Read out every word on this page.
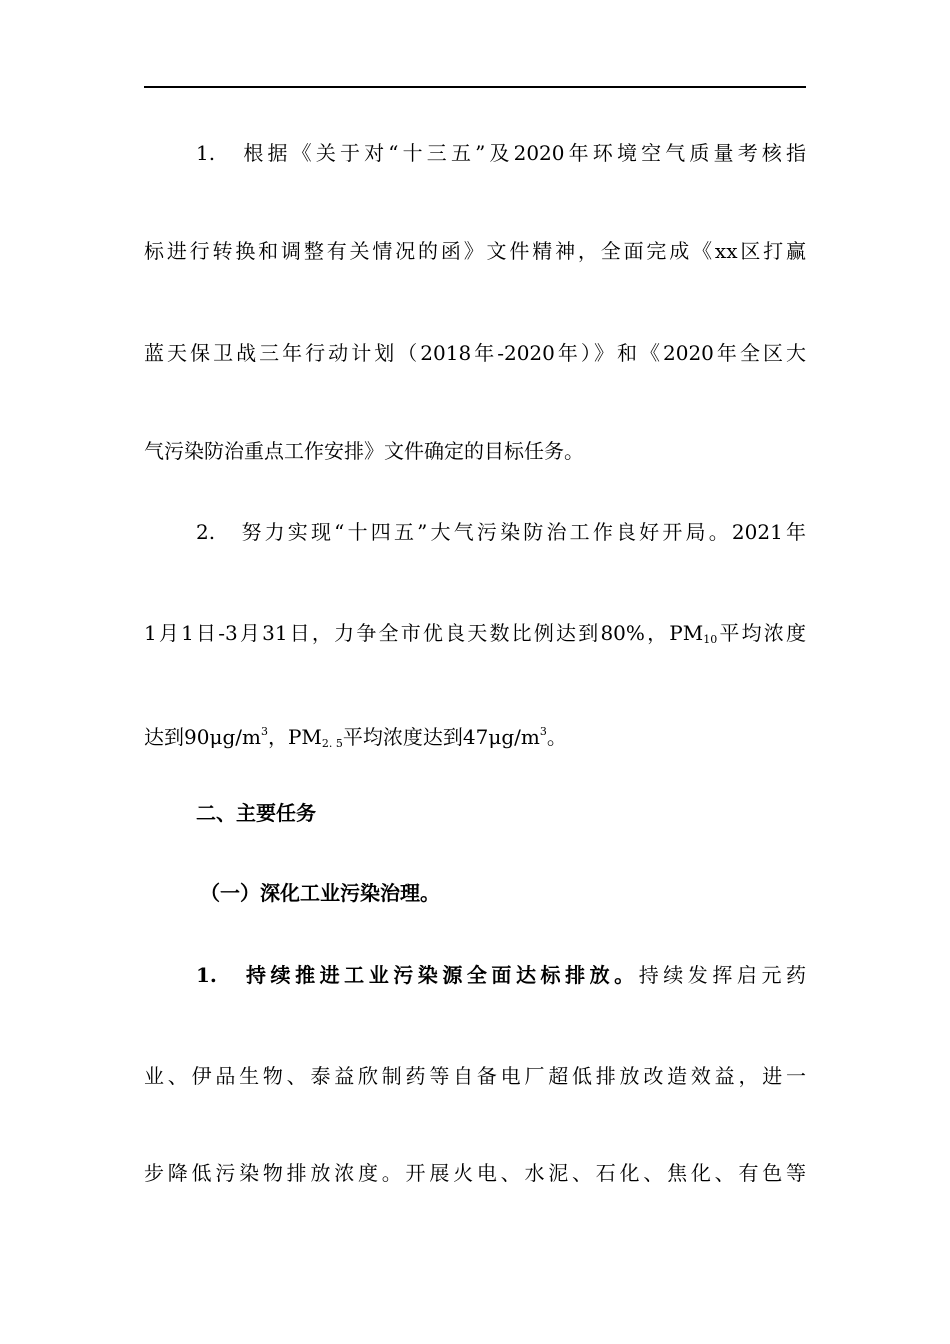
1.　根据《关于对“十三五”及2020年环境空气质量考核指
标进行转换和调整有关情况的函》文件精神，全面完成《xx区打赢
蓝天保卫战三年行动计划（2018年-2020年）》和《2020年全区大
气污染防治重点工作安排》文件确定的目标任务。
2.　努力实现“十四五”大气污染防治工作良好开局。2021年
1月1日-3月31日，力争全市优良天数比例达到80%，$PM_{10}$平均浓度
达到$90\mu g/m^3$，$PM_{2. 5}$平均浓度达到$47\mu g/m^3$。
二、主要任务
（一）深化工业污染治理。
1.　持续推进工业污染源全面达标排放。持续发挥启元药
业、伊品生物、泰益欣制药等自备电厂超低排放改造效益，进一
步降低污染物排放浓度。开展火电、水泥、石化、焦化、有色等
